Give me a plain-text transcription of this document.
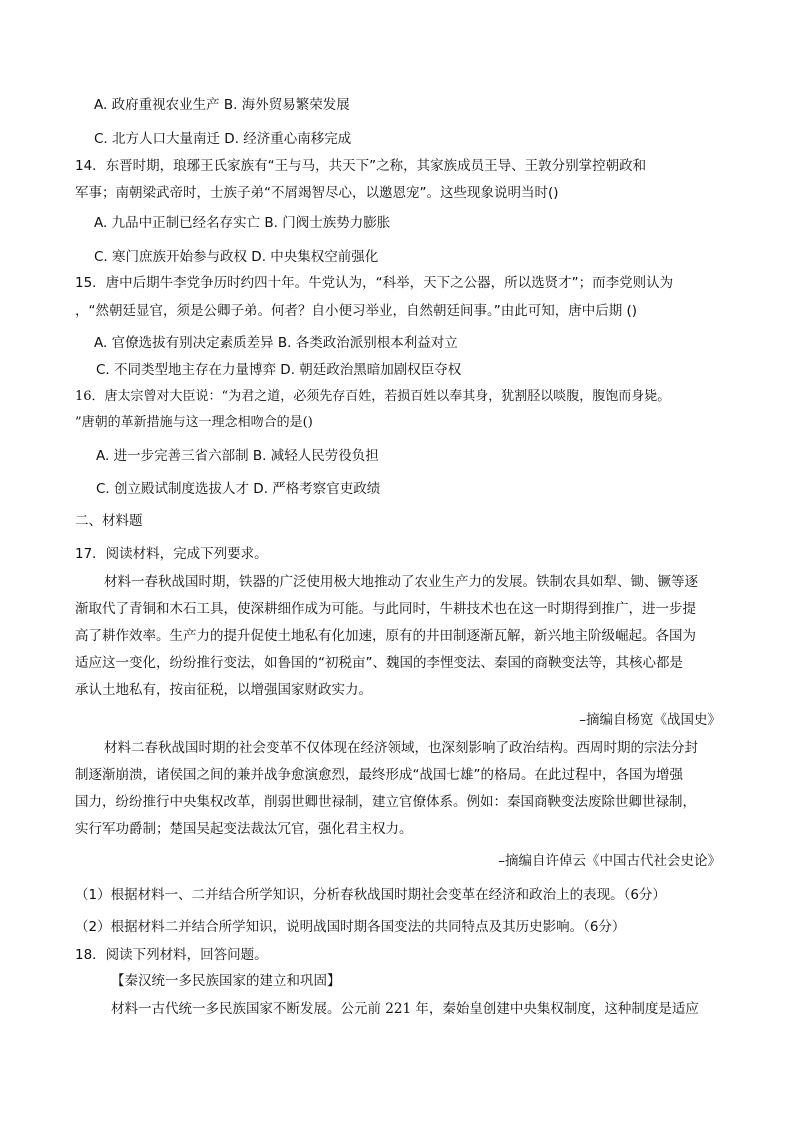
A. 政府重视农业生产 B. 海外贸易繁荣发展
C. 北方人口大量南迁 D. 经济重心南移完成
14．东晋时期，琅琊王氏家族有“王与马，共天下”之称，其家族成员王导、王敦分别掌控朝政和
军事；南朝梁武帝时，士族子弟“不屑竭智尽心，以邀恩宠”。这些现象说明当时()
A. 九品中正制已经名存实亡 B. 门阀士族势力膨胀
C. 寒门庶族开始参与政权 D. 中央集权空前强化
15．唐中后期牛李党争历时约四十年。牛党认为，“科举，天下之公器，所以选贤才”；而李党则认为
，“然朝廷显官，须是公卿子弟。何者？自小便习举业，自然朝廷间事。”由此可知，唐中后期 ()
A. 官僚选拔有别决定素质差异 B. 各类政治派别根本利益对立
C. 不同类型地主存在力量博弈 D. 朝廷政治黑暗加剧权臣夺权
16．唐太宗曾对大臣说：“为君之道，必须先存百姓，若损百姓以奉其身，犹割胫以啖腹，腹饱而身毙。
”唐朝的革新措施与这一理念相吻合的是()
A. 进一步完善三省六部制 B. 减轻人民劳役负担
C. 创立殿试制度选拔人才 D. 严格考察官吏政绩
二、材料题
17．阅读材料，完成下列要求。
材料一春秋战国时期，铁器的广泛使用极大地推动了农业生产力的发展。铁制农具如犁、锄、镢等逐
渐取代了青铜和木石工具，使深耕细作成为可能。与此同时，牛耕技术也在这一时期得到推广，进一步提
高了耕作效率。生产力的提升促使土地私有化加速，原有的井田制逐渐瓦解，新兴地主阶级崛起。各国为
适应这一变化，纷纷推行变法，如鲁国的“初税亩”、魏国的李悝变法、秦国的商鞅变法等，其核心都是
承认土地私有，按亩征税，以增强国家财政实力。
–摘编自杨宽《战国史》
材料二春秋战国时期的社会变革不仅体现在经济领域，也深刻影响了政治结构。西周时期的宗法分封
制逐渐崩溃，诸侯国之间的兼并战争愈演愈烈，最终形成“战国七雄”的格局。在此过程中，各国为增强
国力，纷纷推行中央集权改革，削弱世卿世禄制，建立官僚体系。例如：秦国商鞅变法废除世卿世禄制，
实行军功爵制；楚国吴起变法裁汰冗官，强化君主权力。
–摘编自许倬云《中国古代社会史论》
（1）根据材料一、二并结合所学知识，分析春秋战国时期社会变革在经济和政治上的表现。（6分）
（2）根据材料二并结合所学知识，说明战国时期各国变法的共同特点及其历史影响。（6分）
18．阅读下列材料，回答问题。
【秦汉统一多民族国家的建立和巩固】
材料一古代统一多民族国家不断发展。公元前 221 年，秦始皇创建中央集权制度，这种制度是适应
